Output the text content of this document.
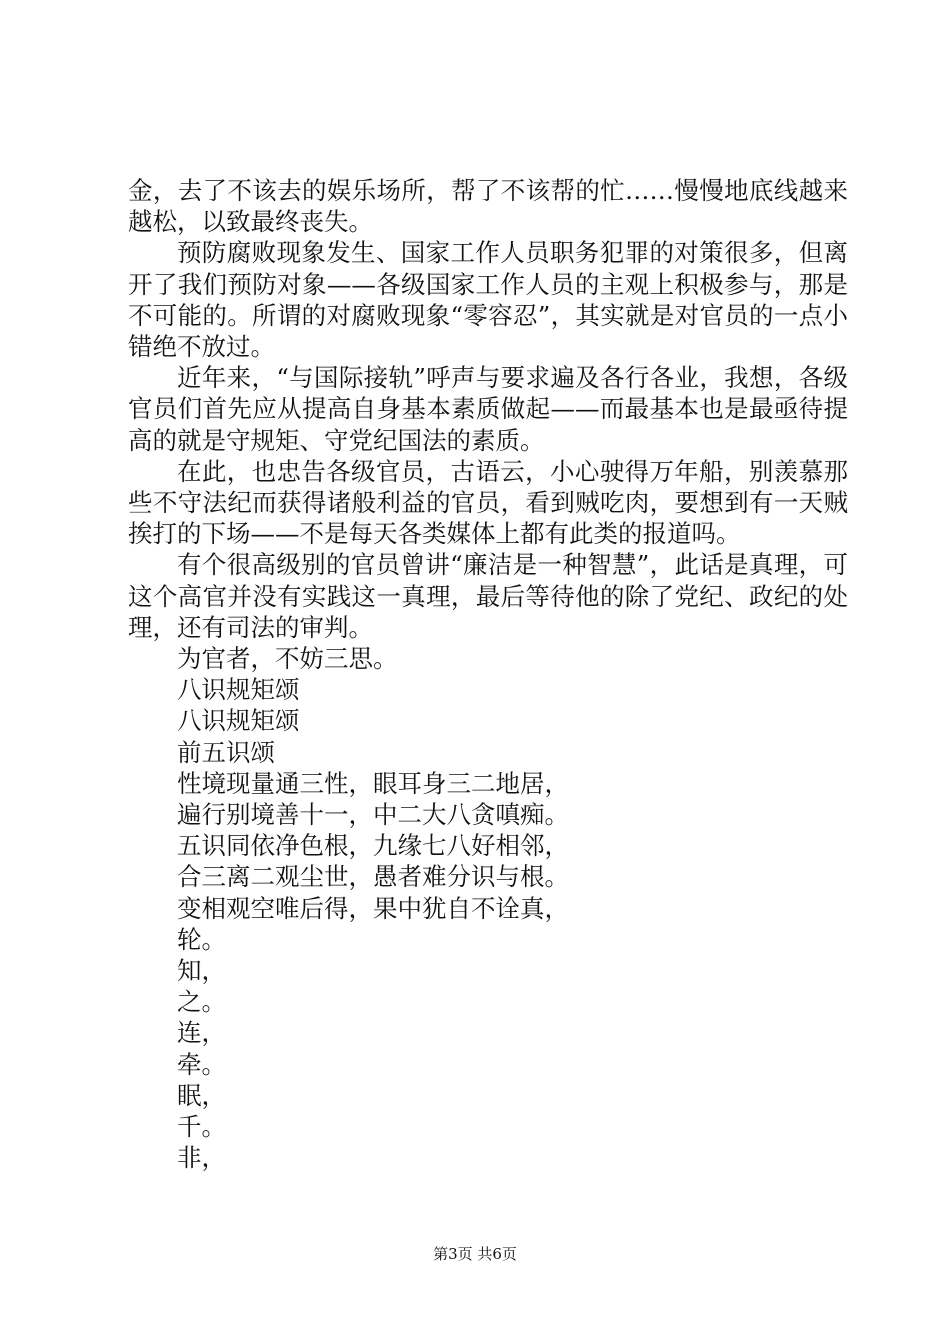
金，去了不该去的娱乐场所，帮了不该帮的忙……慢慢地底线越来越松，以致最终丧失。

预防腐败现象发生、国家工作人员职务犯罪的对策很多，但离开了我们预防对象——各级国家工作人员的主观上积极参与，那是不可能的。所谓的对腐败现象“零容忍”，其实就是对官员的一点小错绝不放过。

近年来，“与国际接轨”呼声与要求遍及各行各业，我想，各级官员们首先应从提高自身基本素质做起——而最基本也是最亟待提高的就是守规矩、守党纪国法的素质。

在此，也忠告各级官员，古语云，小心驶得万年船，别羡慕那些不守法纪而获得诸般利益的官员，看到贼吃肉，要想到有一天贼挨打的下场——不是每天各类媒体上都有此类的报道吗。

有个很高级别的官员曾讲“廉洁是一种智慧”，此话是真理，可这个高官并没有实践这一真理，最后等待他的除了党纪、政纪的处理，还有司法的审判。

为官者，不妨三思。

八识规矩颂

八识规矩颂

前五识颂

性境现量通三性，眼耳身三二地居，

遍行别境善十一，中二大八贪嗔痴。

五识同依净色根，九缘七八好相邻，

合三离二观尘世，愚者难分识与根。

变相观空唯后得，果中犹自不诠真，

轮。

知，

之。

连，

牵。

眠，

千。

非，

第3页 共6页
